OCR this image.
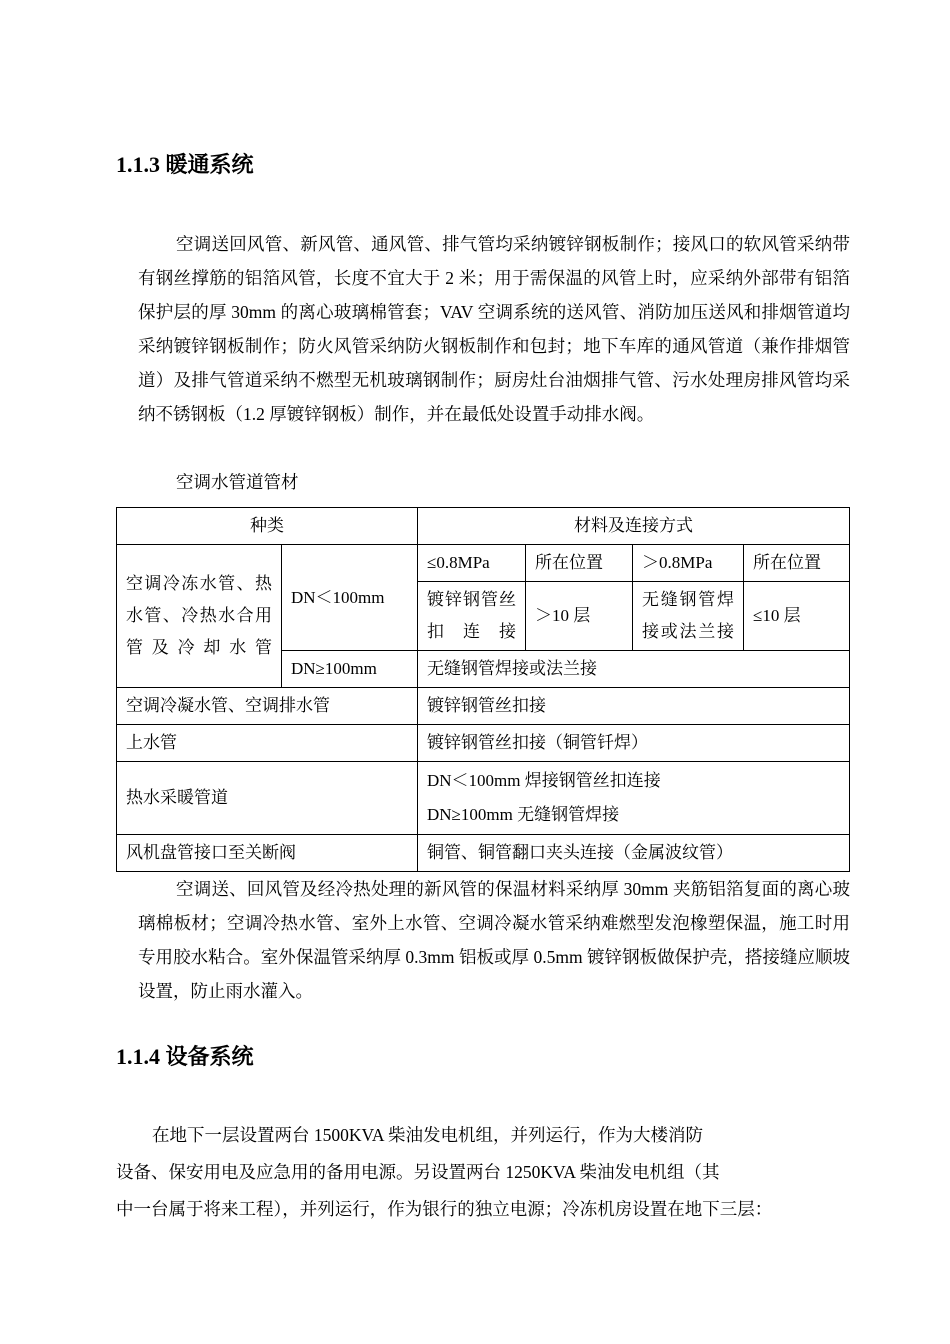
1.1.3 暖通系统

空调送回风管、新风管、通风管、排气管均采纳镀锌钢板制作；接风口的软风管采纳带有钢丝撑筋的铝箔风管，长度不宜大于 2 米；用于需保温的风管上时，应采纳外部带有铝箔保护层的厚 30mm 的离心玻璃棉管套；VAV 空调系统的送风管、消防加压送风和排烟管道均采纳镀锌钢板制作；防火风管采纳防火钢板制作和包封；地下车库的通风管道（兼作排烟管道）及排气管道采纳不燃型无机玻璃钢制作；厨房灶台油烟排气管、污水处理房排风管均采纳不锈钢板（1.2 厚镀锌钢板）制作，并在最低处设置手动排水阀。

空调水管道管材

种类		材料及连接方式			
空调冷冻水管、热水管、冷热水合用管及冷却水管	DN＜100mm	≤0.8MPa	所在位置	＞0.8MPa	所在位置
		镀锌钢管丝扣连接	＞10 层	无缝钢管焊接或法兰接	≤10 层
	DN≥100mm	无缝钢管焊接或法兰接			
空调冷凝水管、空调排水管		镀锌钢管丝扣接			
上水管		镀锌钢管丝扣接（铜管钎焊）			
热水采暖管道		DN＜100mm 焊接钢管丝扣连接
DN≥100mm 无缝钢管焊接			

风机盘管接口至关断阀		铜管、铜管翻口夹头连接（金属波纹管）			

空调送、回风管及经冷热处理的新风管的保温材料采纳厚 30mm 夹筋铝箔复面的离心玻璃棉板材；空调冷热水管、室外上水管、空调冷凝水管采纳难燃型发泡橡塑保温，施工时用专用胶水粘合。室外保温管采纳厚 0.3mm 铝板或厚 0.5mm 镀锌钢板做保护壳，搭接缝应顺坡设置，防止雨水灌入。

1.1.4 设备系统
在地下一层设置两台 1500KVA 柴油发电机组，并列运行，作为大楼消防
设备、保安用电及应急用的备用电源。另设置两台 1250KVA 柴油发电机组（其
中一台属于将来工程），并列运行，作为银行的独立电源；冷冻机房设置在地下三层：
